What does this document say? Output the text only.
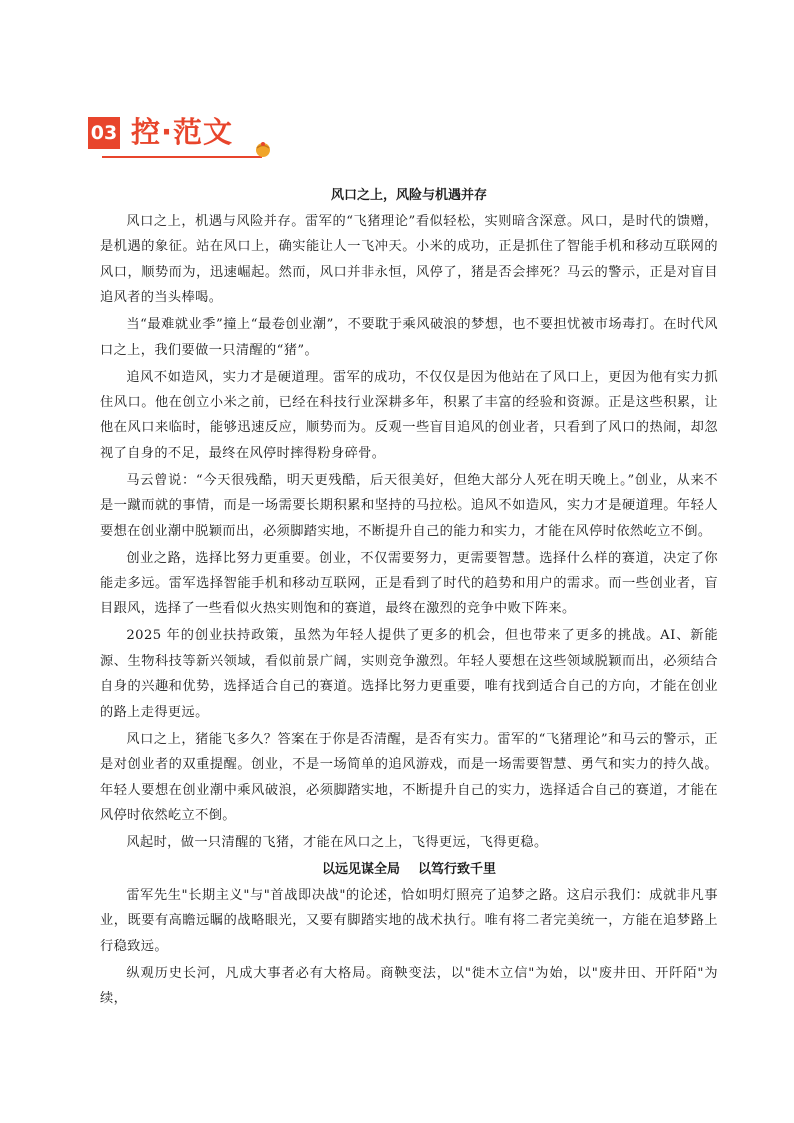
03 控·范文

风口之上，风险与机遇并存

风口之上，机遇与风险并存。雷军的“飞猪理论”看似轻松，实则暗含深意。风口，是时代的馈赠，是机遇的象征。站在风口上，确实能让人一飞冲天。小米的成功，正是抓住了智能手机和移动互联网的风口，顺势而为，迅速崛起。然而，风口并非永恒，风停了，猪是否会摔死？马云的警示，正是对盲目追风者的当头棒喝。

当“最难就业季”撞上“最卷创业潮”，不要耽于乘风破浪的梦想，也不要担忧被市场毒打。在时代风口之上，我们要做一只清醒的“猪”。

追风不如造风，实力才是硬道理。雷军的成功，不仅仅是因为他站在了风口上，更因为他有实力抓住风口。他在创立小米之前，已经在科技行业深耕多年，积累了丰富的经验和资源。正是这些积累，让他在风口来临时，能够迅速反应，顺势而为。反观一些盲目追风的创业者，只看到了风口的热闹，却忽视了自身的不足，最终在风停时摔得粉身碎骨。

马云曾说：“今天很残酷，明天更残酷，后天很美好，但绝大部分人死在明天晚上。”创业，从来不是一蹴而就的事情，而是一场需要长期积累和坚持的马拉松。追风不如造风，实力才是硬道理。年轻人要想在创业潮中脱颖而出，必须脚踏实地，不断提升自己的能力和实力，才能在风停时依然屹立不倒。

创业之路，选择比努力更重要。创业，不仅需要努力，更需要智慧。选择什么样的赛道，决定了你能走多远。雷军选择智能手机和移动互联网，正是看到了时代的趋势和用户的需求。而一些创业者，盲目跟风，选择了一些看似火热实则饱和的赛道，最终在激烈的竞争中败下阵来。

2025 年的创业扶持政策，虽然为年轻人提供了更多的机会，但也带来了更多的挑战。AI、新能源、生物科技等新兴领域，看似前景广阔，实则竞争激烈。年轻人要想在这些领域脱颖而出，必须结合自身的兴趣和优势，选择适合自己的赛道。选择比努力更重要，唯有找到适合自己的方向，才能在创业的路上走得更远。

风口之上，猪能飞多久？答案在于你是否清醒，是否有实力。雷军的“飞猪理论”和马云的警示，正是对创业者的双重提醒。创业，不是一场简单的追风游戏，而是一场需要智慧、勇气和实力的持久战。年轻人要想在创业潮中乘风破浪，必须脚踏实地，不断提升自己的实力，选择适合自己的赛道，才能在风停时依然屹立不倒。

风起时，做一只清醒的飞猪，才能在风口之上，飞得更远，飞得更稳。

以远见谋全局 以笃行致千里

雷军先生"长期主义"与"首战即决战"的论述，恰如明灯照亮了追梦之路。这启示我们：成就非凡事业，既要有高瞻远瞩的战略眼光，又要有脚踏实地的战术执行。唯有将二者完美统一，方能在追梦路上行稳致远。

纵观历史长河，凡成大事者必有大格局。商鞅变法，以"徙木立信"为始，以"废井田、开阡陌"为续，
